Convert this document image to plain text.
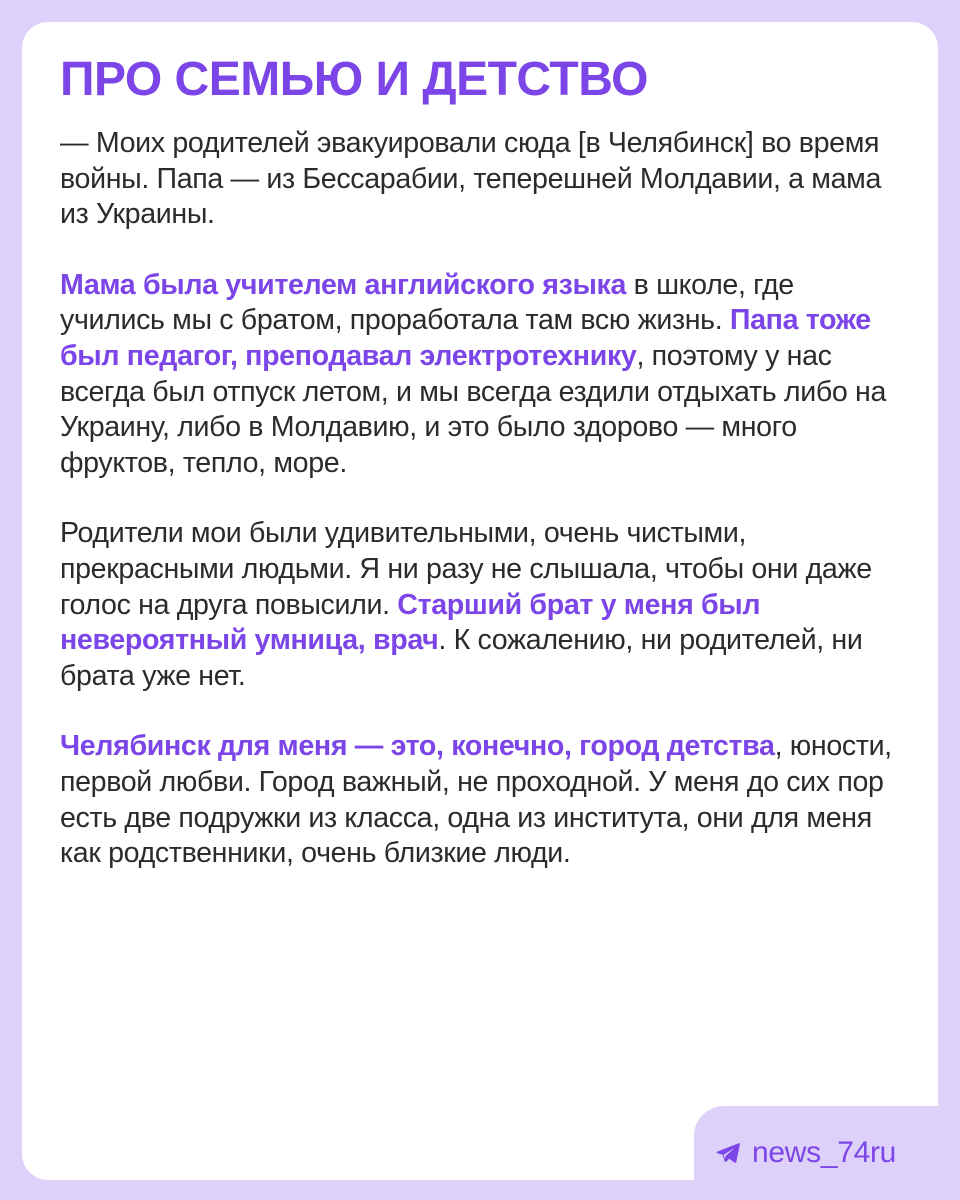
ПРО СЕМЬЮ И ДЕТСТВО

— Моих родителей эвакуировали сюда [в Челябинск] во время войны. Папа — из Бессарабии, теперешней Молдавии, а мама из Украины.

Мама была учителем английского языка в школе, где учились мы с братом, проработала там всю жизнь. Папа тоже был педагог, преподавал электротехнику, поэтому у нас всегда был отпуск летом, и мы всегда ездили отдыхать либо на Украину, либо в Молдавию, и это было здорово — много фруктов, тепло, море.

Родители мои были удивительными, очень чистыми, прекрасными людьми. Я ни разу не слышала, чтобы они даже голос на друга повысили. Старший брат у меня был невероятный умница, врач. К сожалению, ни родителей, ни брата уже нет.

Челябинск для меня — это, конечно, город детства, юности, первой любви. Город важный, не проходной. У меня до сих пор есть две подружки из класса, одна из института, они для меня как родственники, очень близкие люди.

news_74ru
